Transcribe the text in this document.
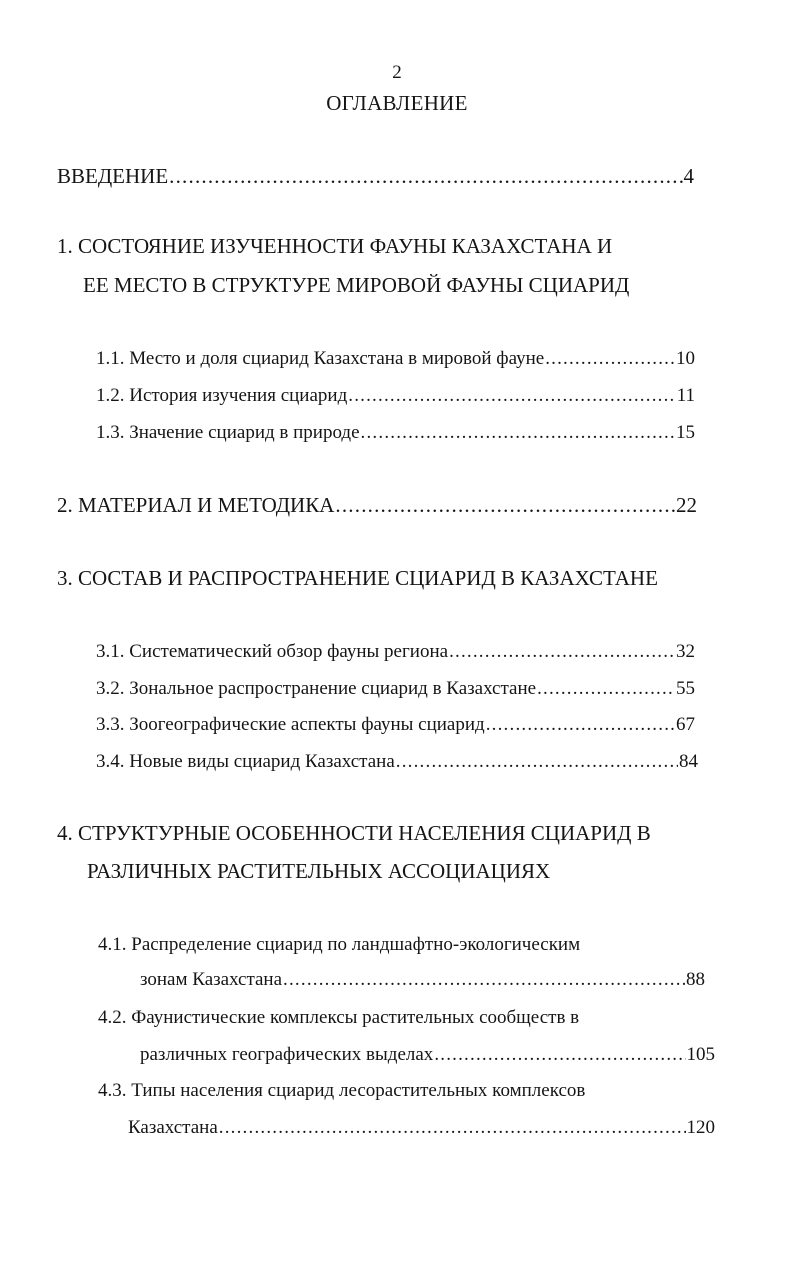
2
ОГЛАВЛЕНИЕ
ВВЕДЕНИЕ .....	4
1. СОСТОЯНИЕ ИЗУЧЕННОСТИ ФАУНЫ КАЗАХСТАНА И
ЕЕ МЕСТО В СТРУКТУРЕ МИРОВОЙ ФАУНЫ СЦИАРИД
1.1. Место и доля сциарид Казахстана в мировой фауне .....	10
1.2. История изучения сциарид .....	11
1.3. Значение сциарид в природе .....	15
2. МАТЕРИАЛ И МЕТОДИКА .....	22
3. СОСТАВ И РАСПРОСТРАНЕНИЕ СЦИАРИД В КАЗАХСТАНЕ
3.1. Систематический обзор фауны региона .....	32
3.2. Зональное распространение сциарид в Казахстане .....	55
3.3. Зоогеографические аспекты фауны сциарид .....	67
3.4. Новые виды сциарид Казахстана .....	84
4. СТРУКТУРНЫЕ ОСОБЕННОСТИ НАСЕЛЕНИЯ СЦИАРИД В
РАЗЛИЧНЫХ РАСТИТЕЛЬНЫХ АССОЦИАЦИЯХ
4.1. Распределение сциарид по ландшафтно-экологическим
зонам Казахстана .....	88
4.2. Фаунистические комплексы растительных сообществ в
различных географических выделах .....	105
4.3. Типы населения сциарид лесорастительных комплексов
Казахстана .....	120
